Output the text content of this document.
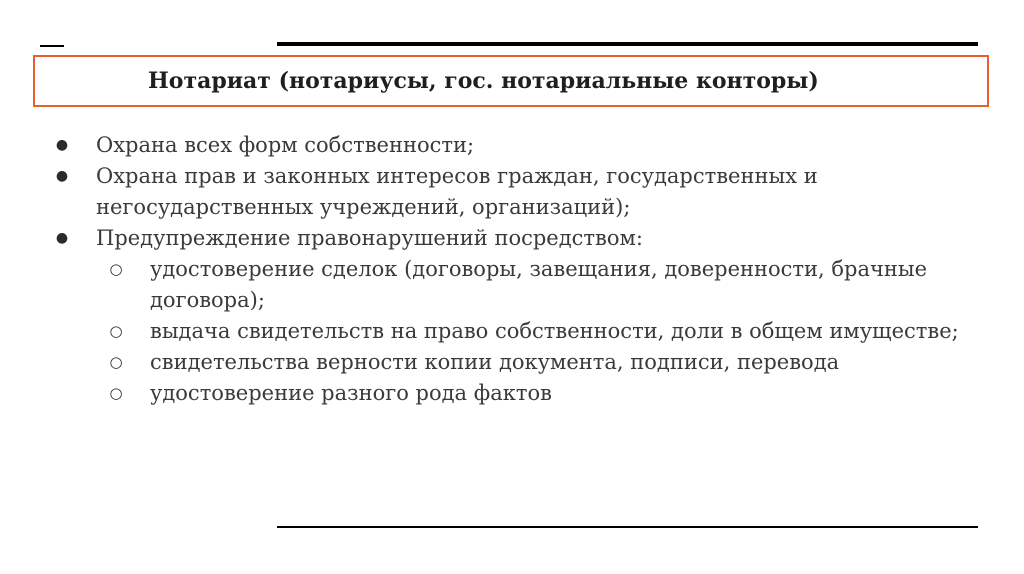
Нотариат (нотариусы, гос. нотариальные конторы)
● Охрана всех форм собственности;
● Охрана прав и законных интересов граждан, государственных и негосударственных учреждений, организаций);
● Предупреждение правонарушений посредством:
○ удостоверение сделок (договоры, завещания, доверенности, брачные договора);
○ выдача свидетельств на право собственности, доли в общем имуществе;
○ свидетельства верности копии документа, подписи, перевода
○ удостоверение разного рода фактов
